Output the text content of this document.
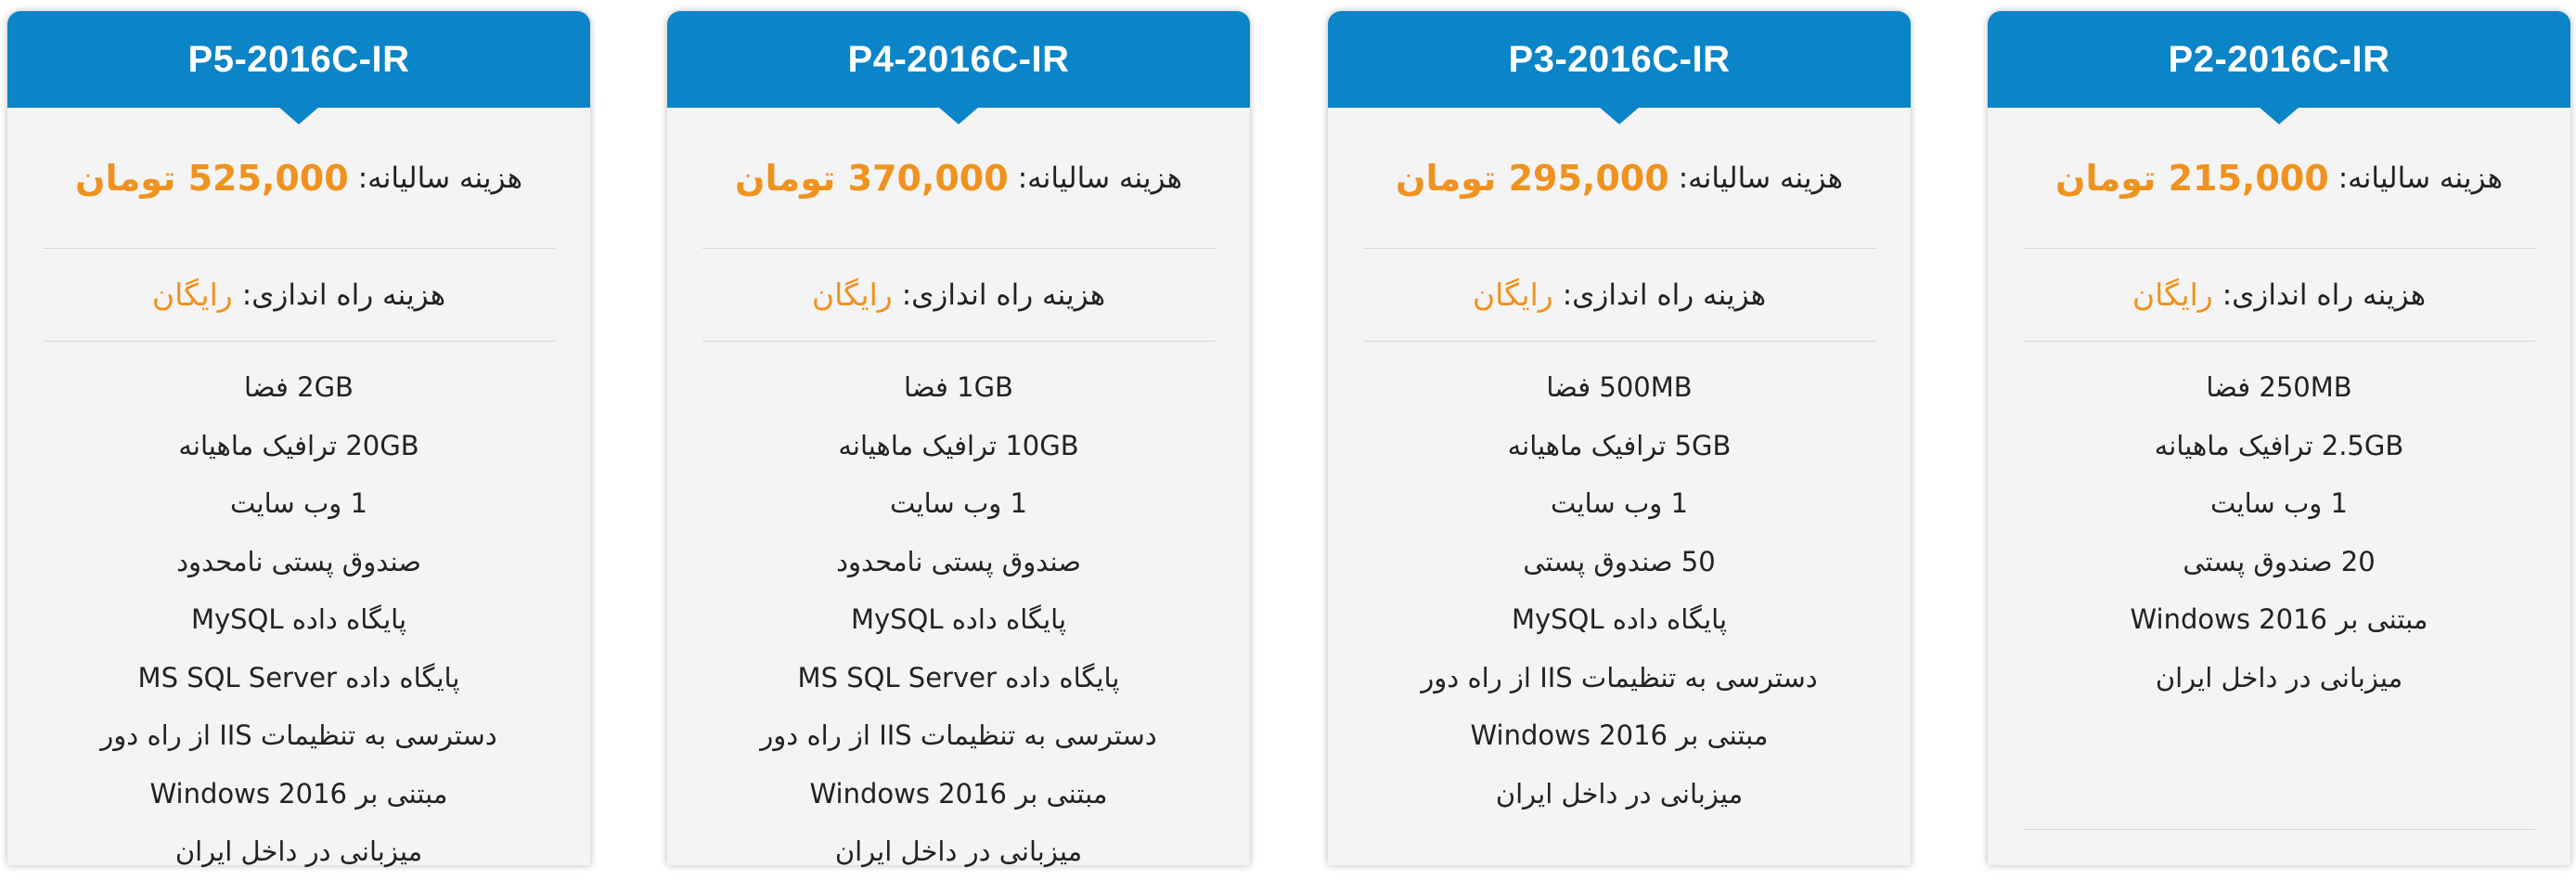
P5-2016C-IR
هزینه سالیانه:
525,000 تومان
هزینه راه اندازی:
رایگان
2GB فضا
20GB ترافیک ماهیانه
1 وب سایت
صندوق پستی نامحدود
پایگاه داده MySQL
پایگاه داده MS SQL Server
دسترسی به تنظیمات IIS از راه دور
مبتنی بر Windows 2016
میزبانی در داخل ایران
P4-2016C-IR
هزینه سالیانه:
370,000 تومان
هزینه راه اندازی:
رایگان
1GB فضا
10GB ترافیک ماهیانه
1 وب سایت
صندوق پستی نامحدود
پایگاه داده MySQL
پایگاه داده MS SQL Server
دسترسی به تنظیمات IIS از راه دور
مبتنی بر Windows 2016
میزبانی در داخل ایران
P3-2016C-IR
هزینه سالیانه:
295,000 تومان
هزینه راه اندازی:
رایگان
500MB فضا
5GB ترافیک ماهیانه
1 وب سایت
50 صندوق پستی
پایگاه داده MySQL
دسترسی به تنظیمات IIS از راه دور
مبتنی بر Windows 2016
میزبانی در داخل ایران
P2-2016C-IR
هزینه سالیانه:
215,000 تومان
هزینه راه اندازی:
رایگان
250MB فضا
2.5GB ترافیک ماهیانه
1 وب سایت
20 صندوق پستی
مبتنی بر Windows 2016
میزبانی در داخل ایران
